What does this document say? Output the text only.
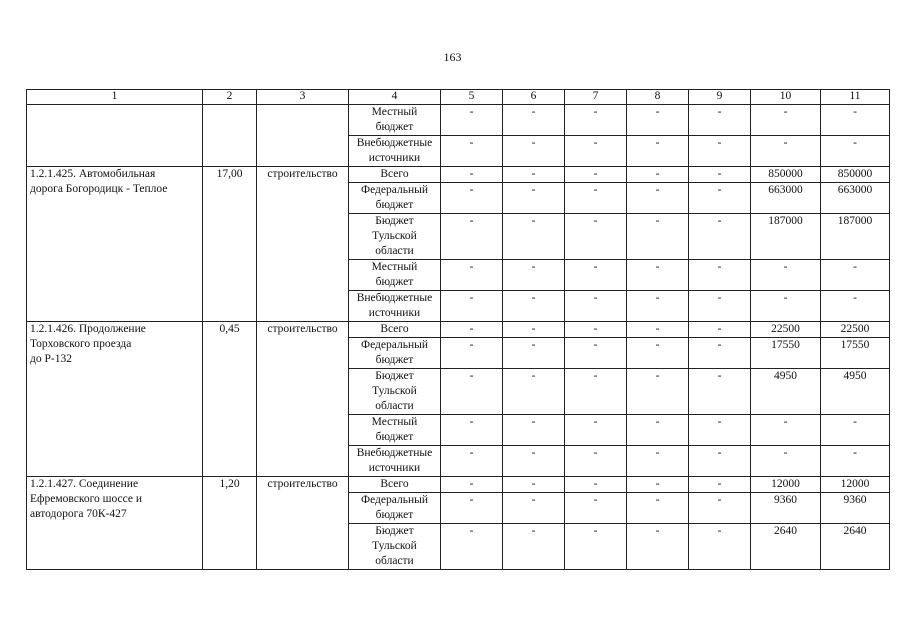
163
1	2	3	4	5	6	7	8	9	10	11
			Местный бюджет	-	-	-	-	-	-	-
			Внебюджетные источники	-	-	-	-	-	-	-

1.2.1.425. Автомобильная
дорога Богородицк - Теплое	17,00	строительство	Всего	-	-	-	-	-	850000	850000
			Федеральный бюджет	-	-	-	-	-	663000	663000
			Бюджет Тульской области	-	-	-	-	-	187000	187000
			Местный бюджет	-	-	-	-	-	-	-
			Внебюджетные источники	-	-	-	-	-	-	-

1.2.1.426. Продолжение
Торховского проезда
до Р-132	0,45	строительство	Всего	-	-	-	-	-	22500	22500
			Федеральный бюджет	-	-	-	-	-	17550	17550
			Бюджет Тульской области	-	-	-	-	-	4950	4950
			Местный бюджет	-	-	-	-	-	-	-
			Внебюджетные источники	-	-	-	-	-	-	-

1.2.1.427. Соединение
Ефремовского шоссе и
автодорога 70К-427	1,20	строительство	Всего	-	-	-	-	-	12000	12000
			Федеральный бюджет	-	-	-	-	-	9360	9360
			Бюджет Тульской области	-	-	-	-	-	2640	2640
